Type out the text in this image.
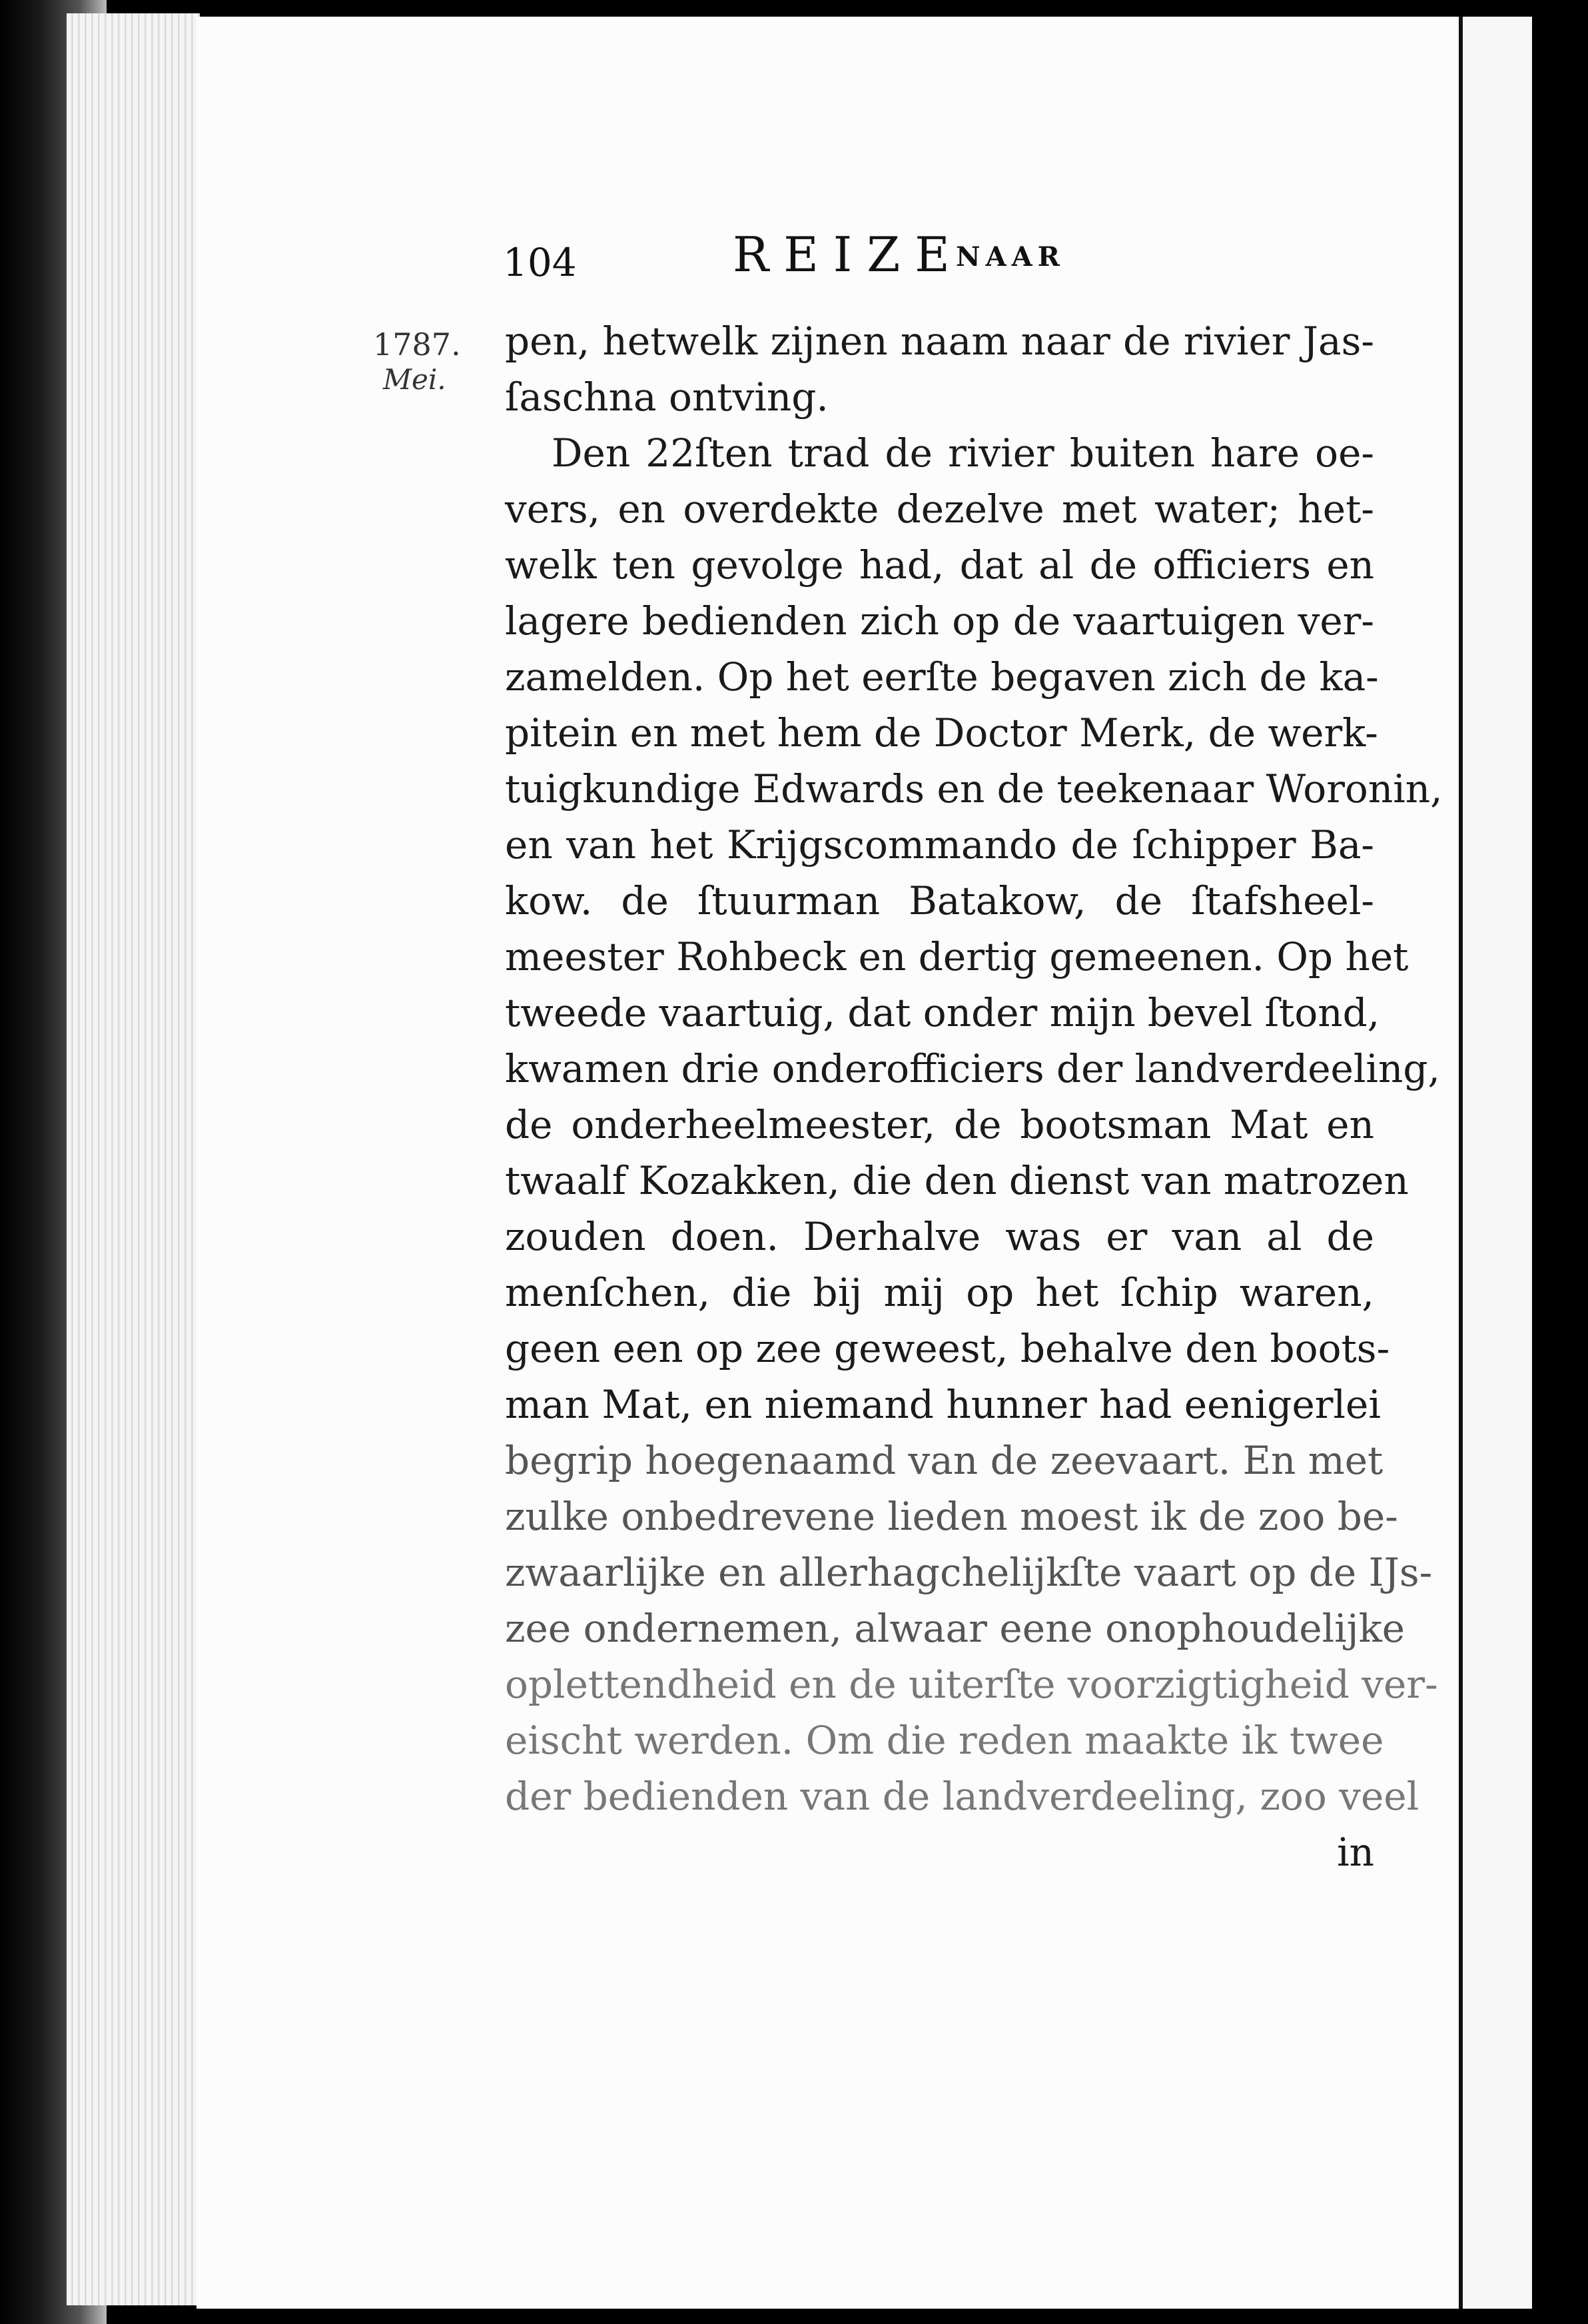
104	REIZE
NAAR
1787.
Mei.
pen, hetwelk zijnen naam naar de rivier Jas-
ſaschna ontving.
Den 22ſten trad de rivier buiten hare oe-
vers, en overdekte dezelve met water; het-
welk ten gevolge had, dat al de officiers en
lagere bedienden zich op de vaartuigen ver-
zamelden. Op het eerſte begaven zich de ka-
pitein en met hem de Doctor Merk, de werk-
tuigkundige Edwards en de teekenaar Woronin,
en van het Krijgscommando de ſchipper Ba-
kow. de ſtuurman Batakow, de ſtafsheel-
meester Rohbeck en dertig gemeenen. Op het
tweede vaartuig, dat onder mijn bevel ſtond,
kwamen drie onderofficiers der landverdeeling,
de onderheelmeester, de bootsman Mat en
twaalf Kozakken, die den dienst van matrozen
zouden doen. Derhalve was er van al de
menſchen, die bij mij op het ſchip waren,
geen een op zee geweest, behalve den boots-
man Mat, en niemand hunner had eenigerlei
begrip hoegenaamd van de zeevaart. En met
zulke onbedrevene lieden moest ik de zoo be-
zwaarlijke en allerhagchelijkſte vaart op de IJs-
zee ondernemen, alwaar eene onophoudelijke
oplettendheid en de uiterſte voorzigtigheid ver-
eischt werden. Om die reden maakte ik twee
der bedienden van de landverdeeling, zoo veel
in
